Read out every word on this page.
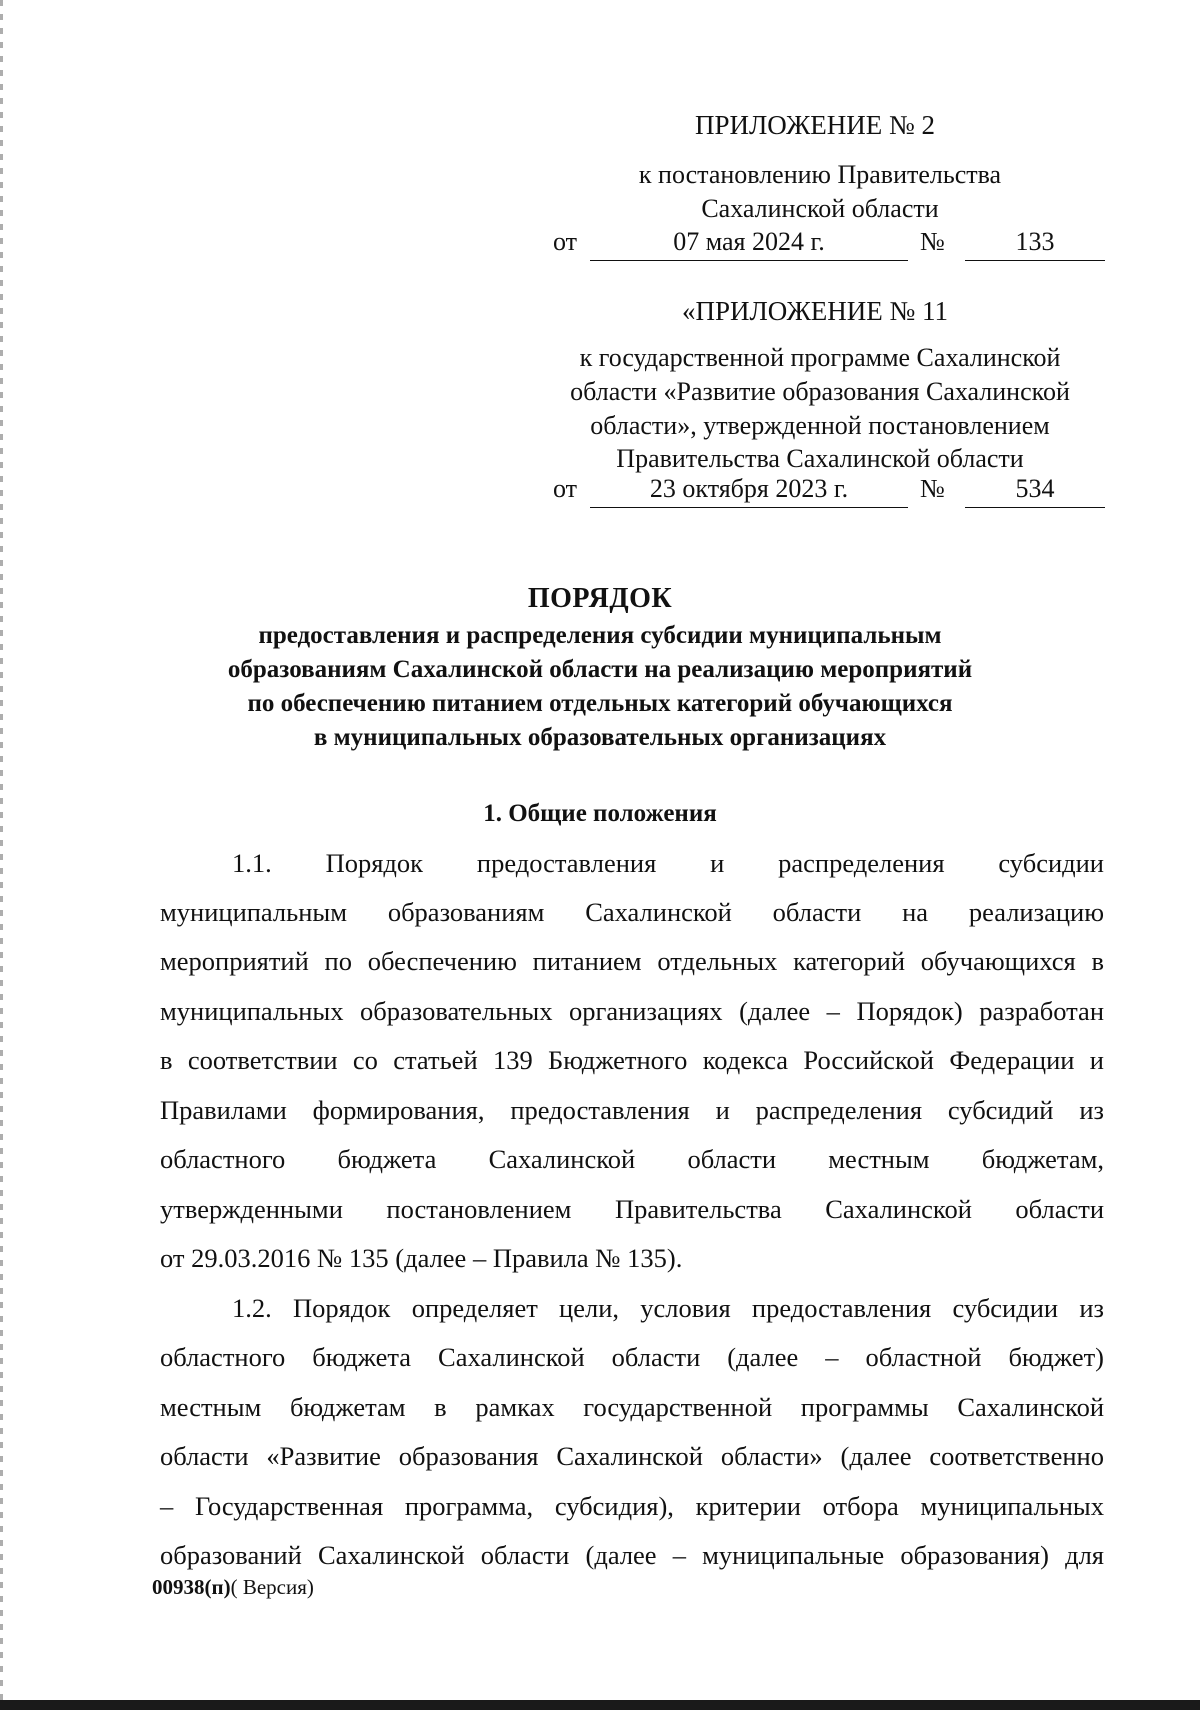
ПРИЛОЖЕНИЕ № 2
к постановлению Правительства
Сахалинской области
от	07 мая 2024 г.	№	133
«ПРИЛОЖЕНИЕ № 11
к государственной программе Сахалинской
области «Развитие образования Сахалинской
области», утвержденной постановлением
Правительства Сахалинской области
от	23 октября 2023 г.	№	534
ПОРЯДОК
предоставления и распределения субсидии муниципальным
образованиям Сахалинской области на реализацию мероприятий
по обеспечению питанием отдельных категорий обучающихся
в муниципальных образовательных организациях
1. Общие положения
1.1. Порядок предоставления и распределения субсидии
муниципальным образованиям Сахалинской области на реализацию
мероприятий по обеспечению питанием отдельных категорий обучающихся в
муниципальных образовательных организациях (далее – Порядок) разработан
в соответствии со статьей 139 Бюджетного кодекса Российской Федерации и
Правилами формирования, предоставления и распределения субсидий из
областного бюджета Сахалинской области местным бюджетам,
утвержденными постановлением Правительства Сахалинской области
от 29.03.2016 № 135 (далее – Правила № 135).
1.2. Порядок определяет цели, условия предоставления субсидии из
областного бюджета Сахалинской области (далее – областной бюджет)
местным бюджетам в рамках государственной программы Сахалинской
области «Развитие образования Сахалинской области» (далее соответственно
– Государственная программа, субсидия), критерии отбора муниципальных
образований Сахалинской области (далее – муниципальные образования) для
00938(п)( Версия)
